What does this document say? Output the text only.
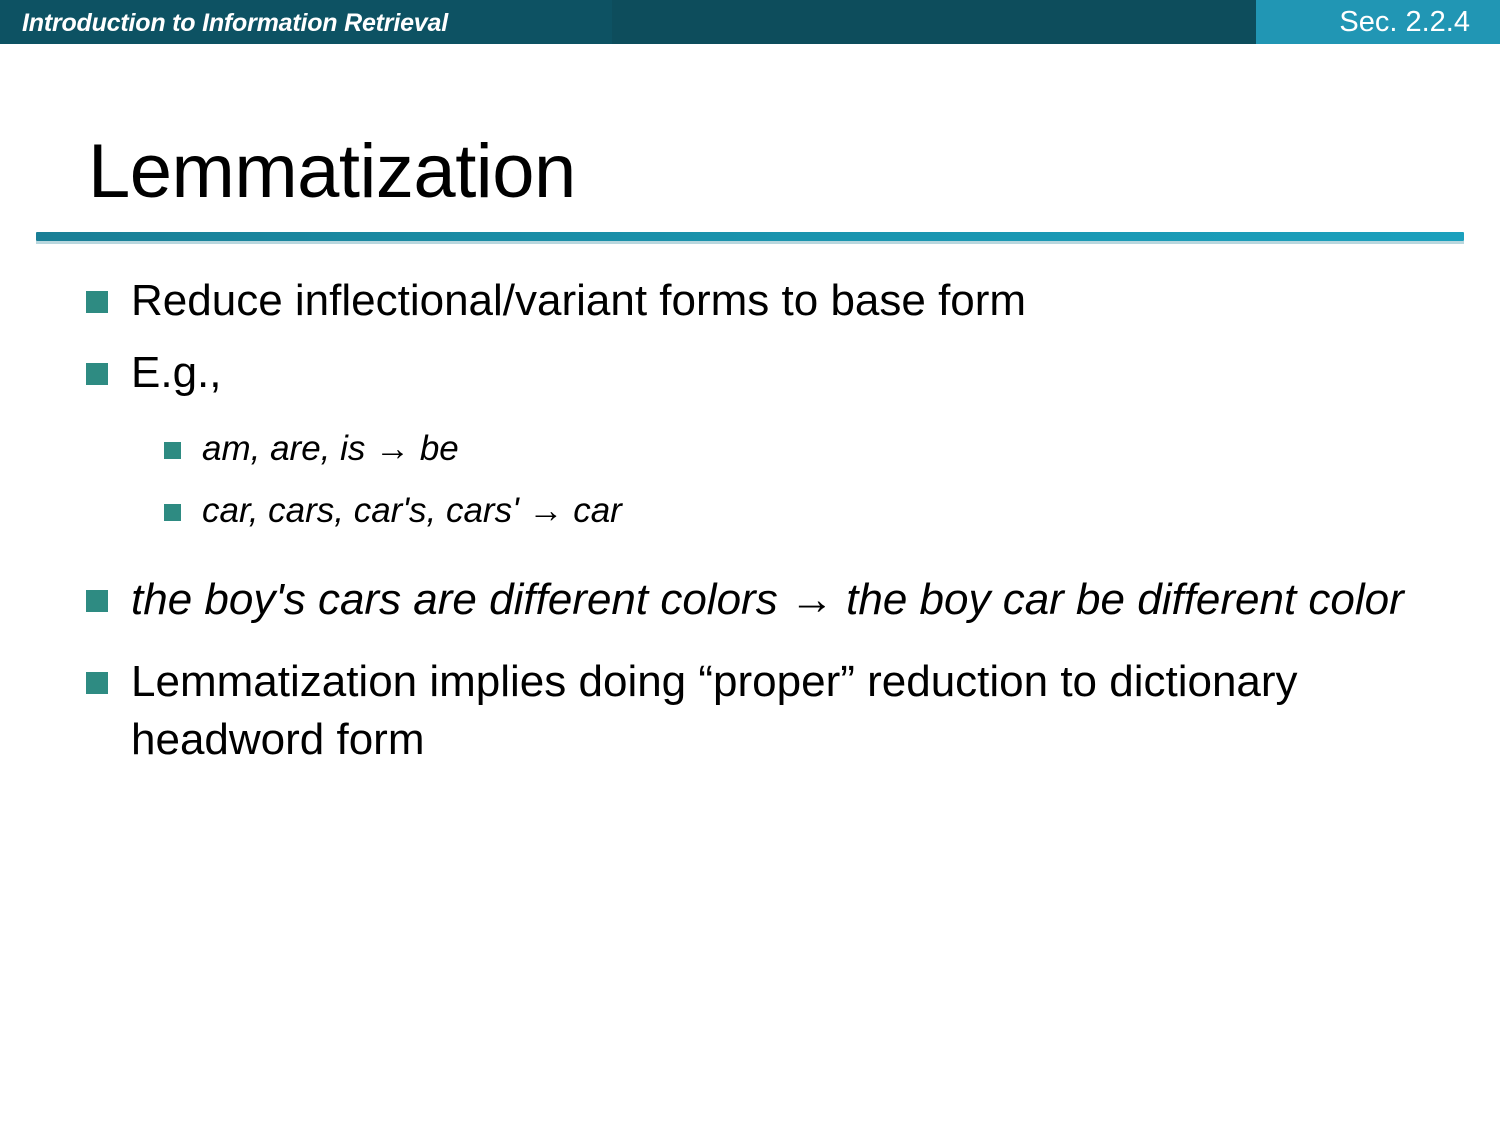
Introduction to Information Retrieval	Sec. 2.2.4
Lemmatization
Reduce inflectional/variant forms to base form
E.g.,
am, are, is → be
car, cars, car's, cars' → car
the boy's cars are different colors → the boy car be different color
Lemmatization implies doing “proper” reduction to dictionary headword form
